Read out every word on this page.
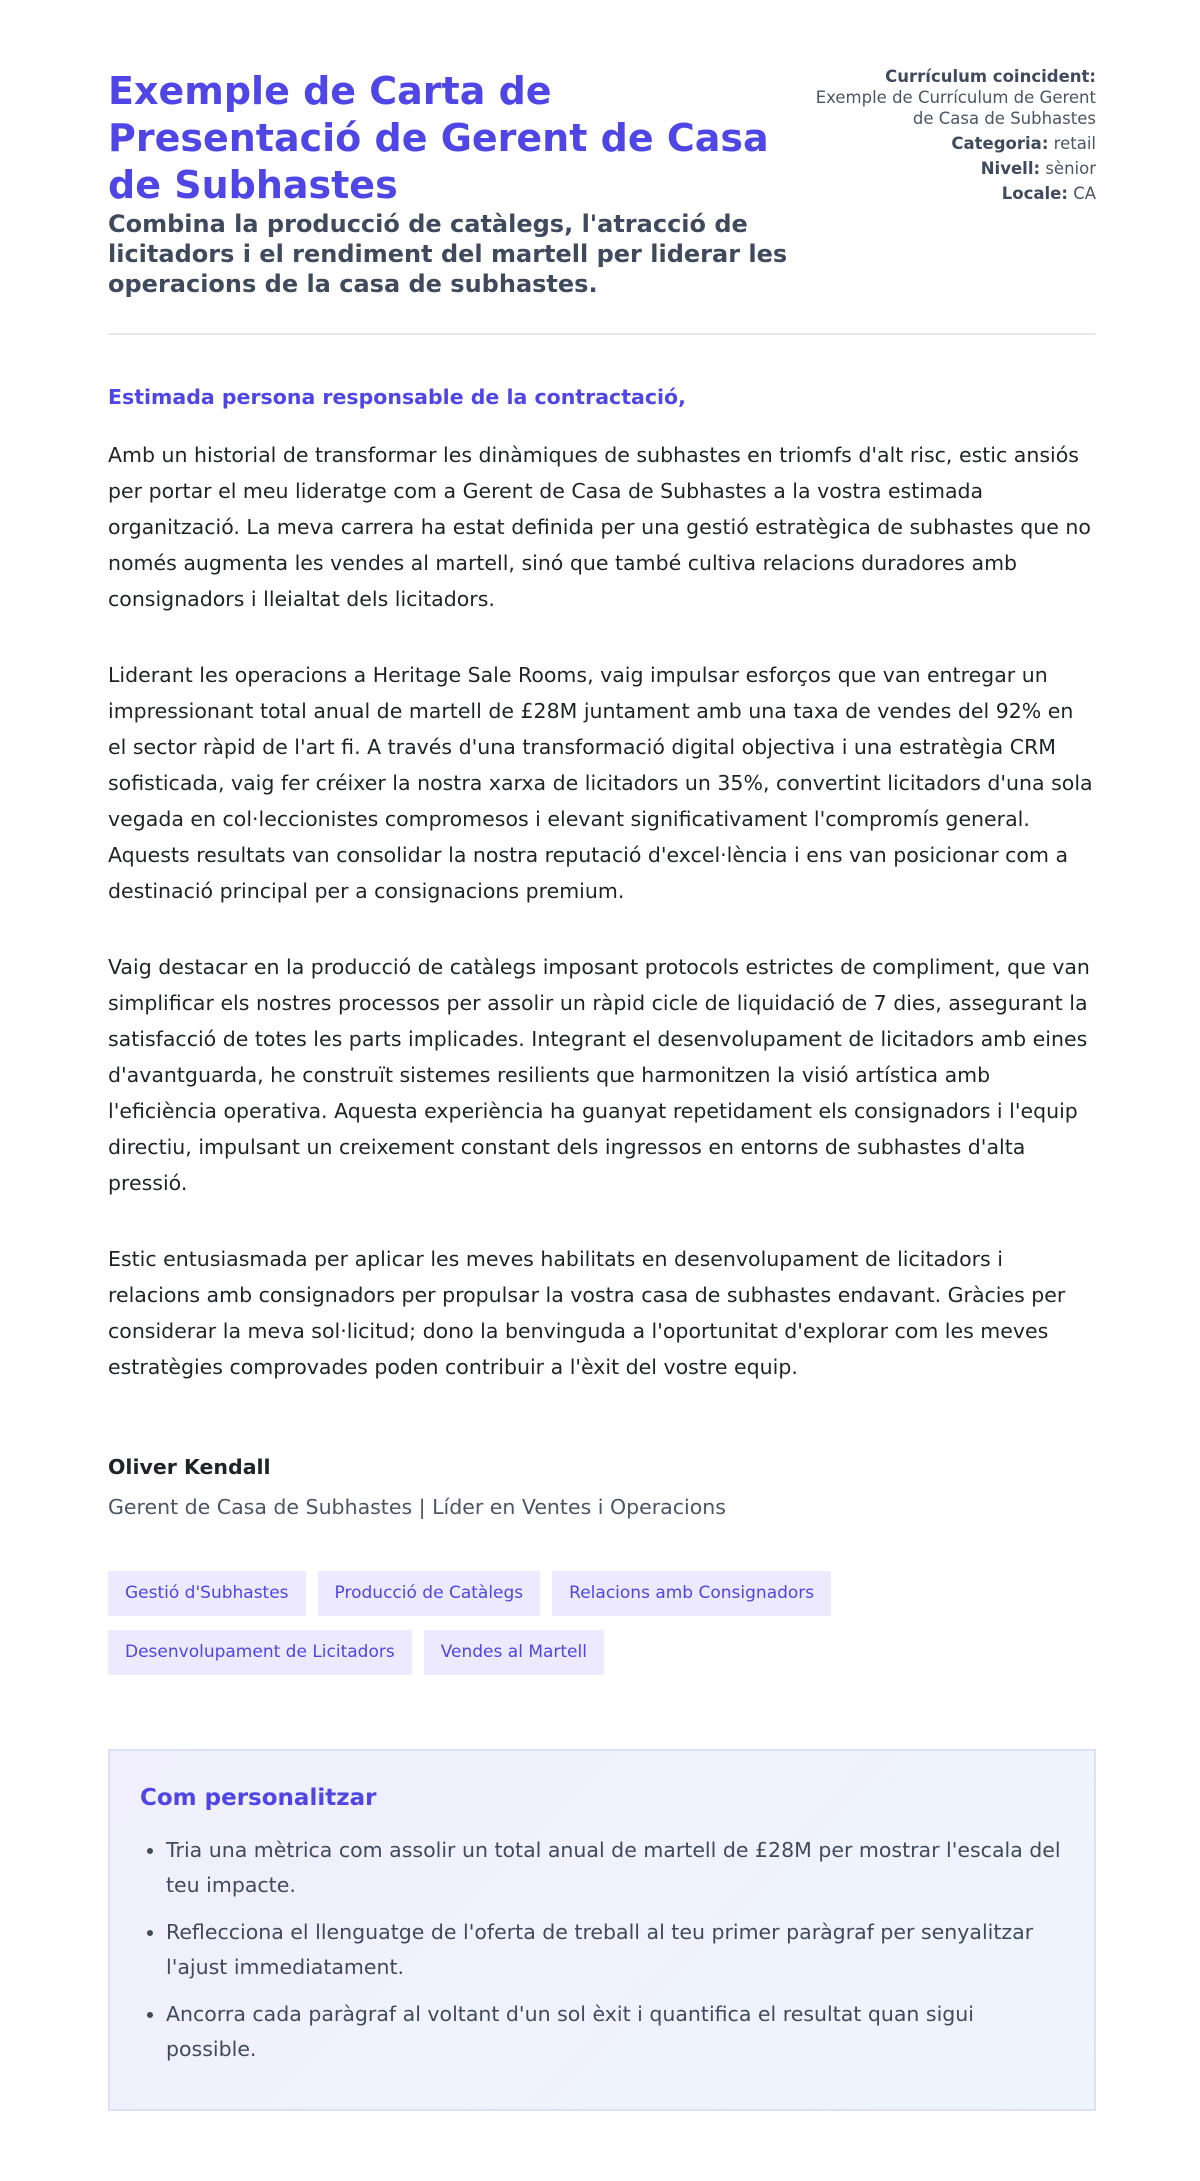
Exemple de Carta de Presentació de Gerent de Casa de Subhastes
Combina la producció de catàlegs, l'atracció de licitadors i el rendiment del martell per liderar les operacions de la casa de subhastes.
Currículum coincident:
Exemple de Currículum de Gerent de Casa de Subhastes
Categoria: retail
Nivell: sènior
Locale: CA
Estimada persona responsable de la contractació,

Amb un historial de transformar les dinàmiques de subhastes en triomfs d'alt risc, estic ansiós per portar el meu lideratge com a Gerent de Casa de Subhastes a la vostra estimada organització. La meva carrera ha estat definida per una gestió estratègica de subhastes que no només augmenta les vendes al martell, sinó que també cultiva relacions duradores amb consignadors i lleialtat dels licitadors.

Liderant les operacions a Heritage Sale Rooms, vaig impulsar esforços que van entregar un impressionant total anual de martell de £28M juntament amb una taxa de vendes del 92% en el sector ràpid de l'art fi. A través d'una transformació digital objectiva i una estratègia CRM sofisticada, vaig fer créixer la nostra xarxa de licitadors un 35%, convertint licitadors d'una sola vegada en col·leccionistes compromesos i elevant significativament l'compromís general. Aquests resultats van consolidar la nostra reputació d'excel·lència i ens van posicionar com a destinació principal per a consignacions premium.

Vaig destacar en la producció de catàlegs imposant protocols estrictes de compliment, que van simplificar els nostres processos per assolir un ràpid cicle de liquidació de 7 dies, assegurant la satisfacció de totes les parts implicades. Integrant el desenvolupament de licitadors amb eines d'avantguarda, he construït sistemes resilients que harmonitzen la visió artística amb l'eficiència operativa. Aquesta experiència ha guanyat repetidament els consignadors i l'equip directiu, impulsant un creixement constant dels ingressos en entorns de subhastes d'alta pressió.

Estic entusiasmada per aplicar les meves habilitats en desenvolupament de licitadors i relacions amb consignadors per propulsar la vostra casa de subhastes endavant. Gràcies per considerar la meva sol·licitud; dono la benvinguda a l'oportunitat d'explorar com les meves estratègies comprovades poden contribuir a l'èxit del vostre equip.

Oliver Kendall
Gerent de Casa de Subhastes | Líder en Ventes i Operacions
Gestió d'Subhastes	Producció de Catàlegs	Relacions amb Consignadors
Desenvolupament de Licitadors	Vendes al Martell
Com personalitzar
• Tria una mètrica com assolir un total anual de martell de £28M per mostrar l'escala del teu impacte.
• Reflecciona el llenguatge de l'oferta de treball al teu primer paràgraf per senyalitzar l'ajust immediatament.
• Ancorra cada paràgraf al voltant d'un sol èxit i quantifica el resultat quan sigui possible.
